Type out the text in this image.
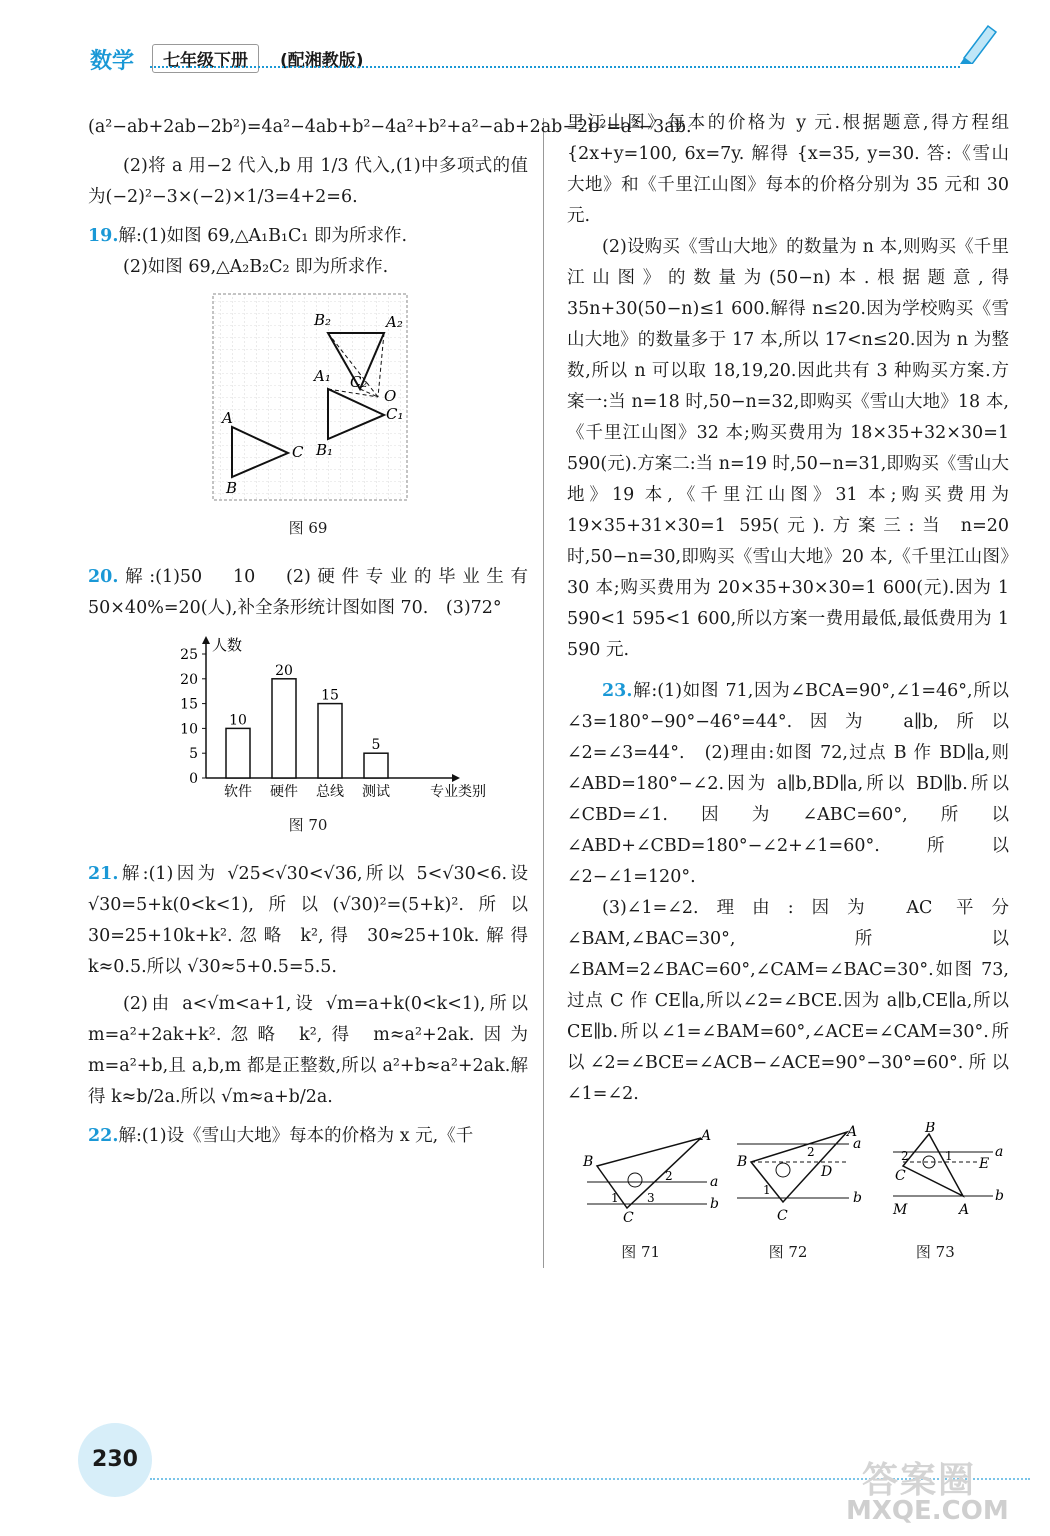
数学	七年级下册	(配湘教版)

(a²−ab+2ab−2b²)=4a²−4ab+b²−4a²+b²+a²−ab+2ab−2b²=a²−3ab.

(2)将 a 用−2 代入,b 用 1/3 代入,(1)中多项式的值为(−2)²−3×(−2)×1/3=4+2=6.

19.解:(1)如图 69,△A₁B₁C₁ 即为所求作.

(2)如图 69,△A₂B₂C₂ 即为所求作.

A
B
C
A₁
B₁
C₁
B₂	A₂
C₂
O
图 69

20.解:(1)50　10　(2)硬件专业的毕业生有 50×40%=20(人),补全条形统计图如图 70.　(3)72°

0
5
10
15
20
25
人数
10
软件
20
硬件
15
总线
5
测试	专业类别
图 70

21.解:(1)因为 √25<√30<√36,所以 5<√30<6.设 √30=5+k(0<k<1),所以(√30)²=(5+k)².所以 30=25+10k+k².忽略 k²,得 30≈25+10k.解得 k≈0.5.所以 √30≈5+0.5=5.5.

(2)由 a<√m<a+1,设 √m=a+k(0<k<1),所以 m=a²+2ak+k².忽略 k²,得 m≈a²+2ak.因为 m=a²+b,且 a,b,m 都是正整数,所以 a²+b≈a²+2ak.解得 k≈b/2a.所以 √m≈a+b/2a.

22.解:(1)设《雪山大地》每本的价格为 x 元,《千

里江山图》每本的价格为 y 元.根据题意,得方程组 {2x+y=100, 6x=7y. 解得 {x=35, y=30. 答:《雪山大地》和《千里江山图》每本的价格分别为 35 元和 30 元.

(2)设购买《雪山大地》的数量为 n 本,则购买《千里江山图》的数量为(50−n)本.根据题意,得 35n+30(50−n)≤1 600.解得 n≤20.因为学校购买《雪山大地》的数量多于 17 本,所以 17<n≤20.因为 n 为整数,所以 n 可以取 18,19,20.因此共有 3 种购买方案.方案一:当 n=18 时,50−n=32,即购买《雪山大地》18 本,《千里江山图》32 本;购买费用为 18×35+32×30=1 590(元).方案二:当 n=19 时,50−n=31,即购买《雪山大地》19 本,《千里江山图》31 本;购买费用为 19×35+31×30=1 595(元).方案三:当 n=20 时,50−n=30,即购买《雪山大地》20 本,《千里江山图》30 本;购买费用为 20×35+30×30=1 600(元).因为 1 590<1 595<1 600,所以方案一费用最低,最低费用为 1 590 元.

23.解:(1)如图 71,因为∠BCA=90°,∠1=46°,所以∠3=180°−90°−46°=44°.因为 a∥b,所以∠2=∠3=44°.　(2)理由:如图 72,过点 B 作 BD∥a,则∠ABD=180°−∠2.因为 a∥b,BD∥a,所以 BD∥b.所以∠CBD=∠1.因为∠ABC=60°,所以∠ABD+∠CBD=180°−∠2+∠1=60°.所以∠2−∠1=120°.

(3)∠1=∠2.理由:因为 AC 平分∠BAM,∠BAC=30°,所以∠BAM=2∠BAC=60°,∠CAM=∠BAC=30°.如图 73,过点 C 作 CE∥a,所以∠2=∠BCE.因为 a∥b,CE∥a,所以 CE∥b.所以∠1=∠BAM=60°,∠ACE=∠CAM=30°.所以∠2=∠BCE=∠ACB−∠ACE=90°−30°=60°.所以∠1=∠2.

B
A
C
a
b
1 3
2
B
A
C
D
a
b
1
2
B
C
E
M	A
a
b
1
2
图 71	图 72	图 73
230
答案圈
MXQE.COM
